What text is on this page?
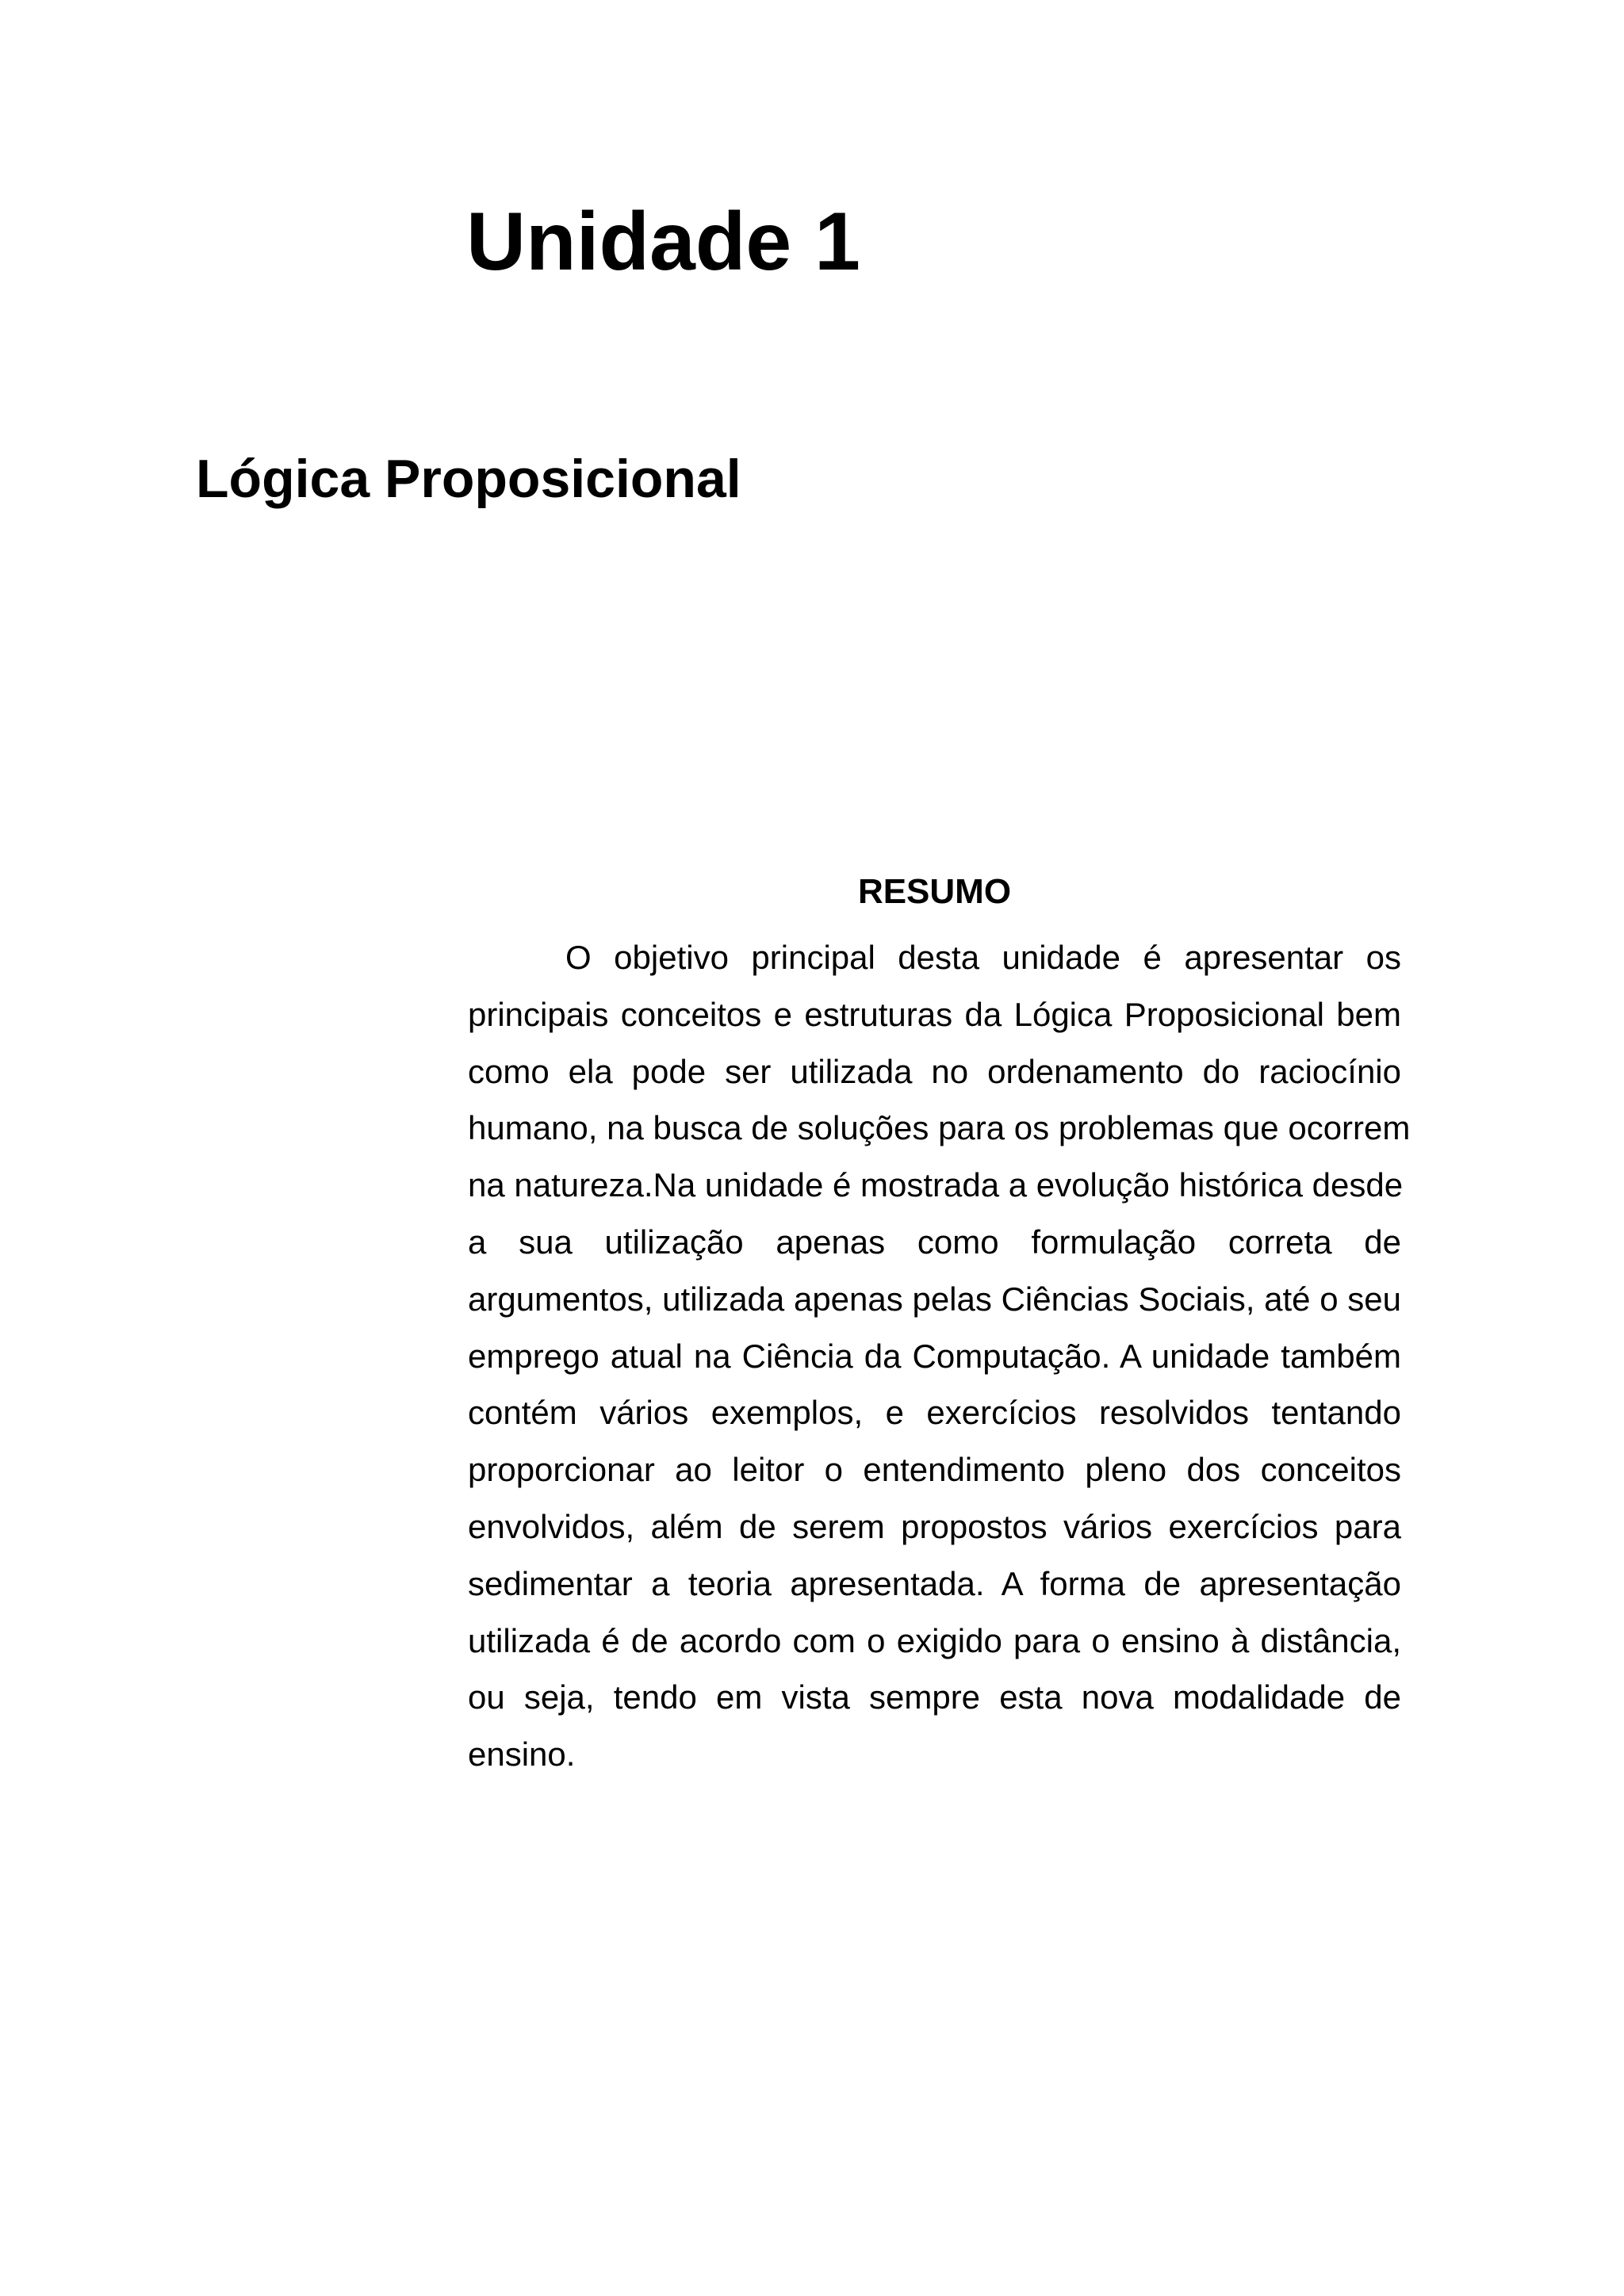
Unidade 1
Lógica Proposicional
RESUMO
O objetivo principal desta unidade é apresentar os
principais conceitos e estruturas da Lógica Proposicional bem
como ela pode ser utilizada no ordenamento do raciocínio
humano, na busca de soluções para os problemas que ocorrem
na natureza.Na unidade é mostrada a evolução histórica desde
a sua utilização apenas como formulação correta de
argumentos, utilizada apenas pelas Ciências Sociais, até o seu
emprego atual na Ciência da Computação. A unidade também
contém vários exemplos, e exercícios resolvidos tentando
proporcionar ao leitor o entendimento pleno dos conceitos
envolvidos, além de serem propostos vários exercícios para
sedimentar a teoria apresentada. A forma de apresentação
utilizada é de acordo com o exigido para o ensino à distância,
ou seja, tendo em vista sempre esta nova modalidade de
ensino.
